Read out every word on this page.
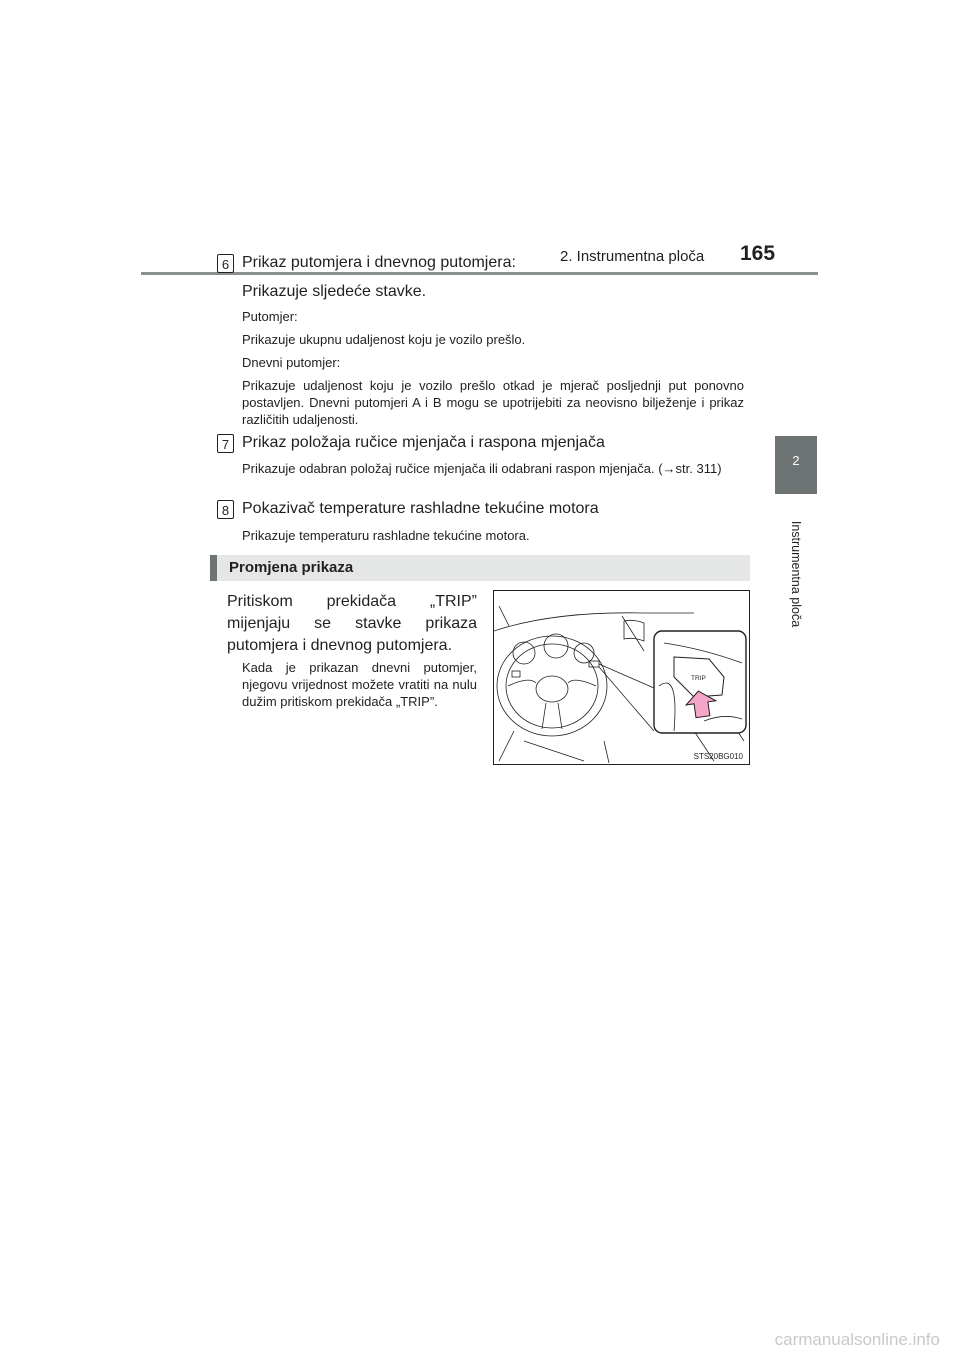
2. Instrumentna ploča 165
2
Instrumentna ploča
6 Prikaz putomjera i dnevnog putomjera:
Prikazuje sljedeće stavke.
Putomjer:
Prikazuje ukupnu udaljenost koju je vozilo prešlo.
Dnevni putomjer:
Prikazuje udaljenost koju je vozilo prešlo otkad je mjerač posljednji put ponovno postavljen. Dnevni putomjeri A i B mogu se upotrijebiti za neovisno bilježenje i prikaz različitih udaljenosti.
7 Prikaz položaja ručice mjenjača i raspona mjenjača
Prikazuje odabran položaj ručice mjenjača ili odabrani raspon mjenjača. (→str. 311)
8 Pokazivač temperature rashladne tekućine motora
Prikazuje temperaturu rashladne tekućine motora.
Promjena prikaza
Pritiskom prekidača „TRIP” mijenjaju se stavke prikaza putomjera i dnevnog putomjera.
Kada je prikazan dnevni putomjer, njegovu vrijednost možete vratiti na nulu dužim pritiskom prekidača „TRIP”.
TRIP
STS20BG010
carmanualsonline.info
